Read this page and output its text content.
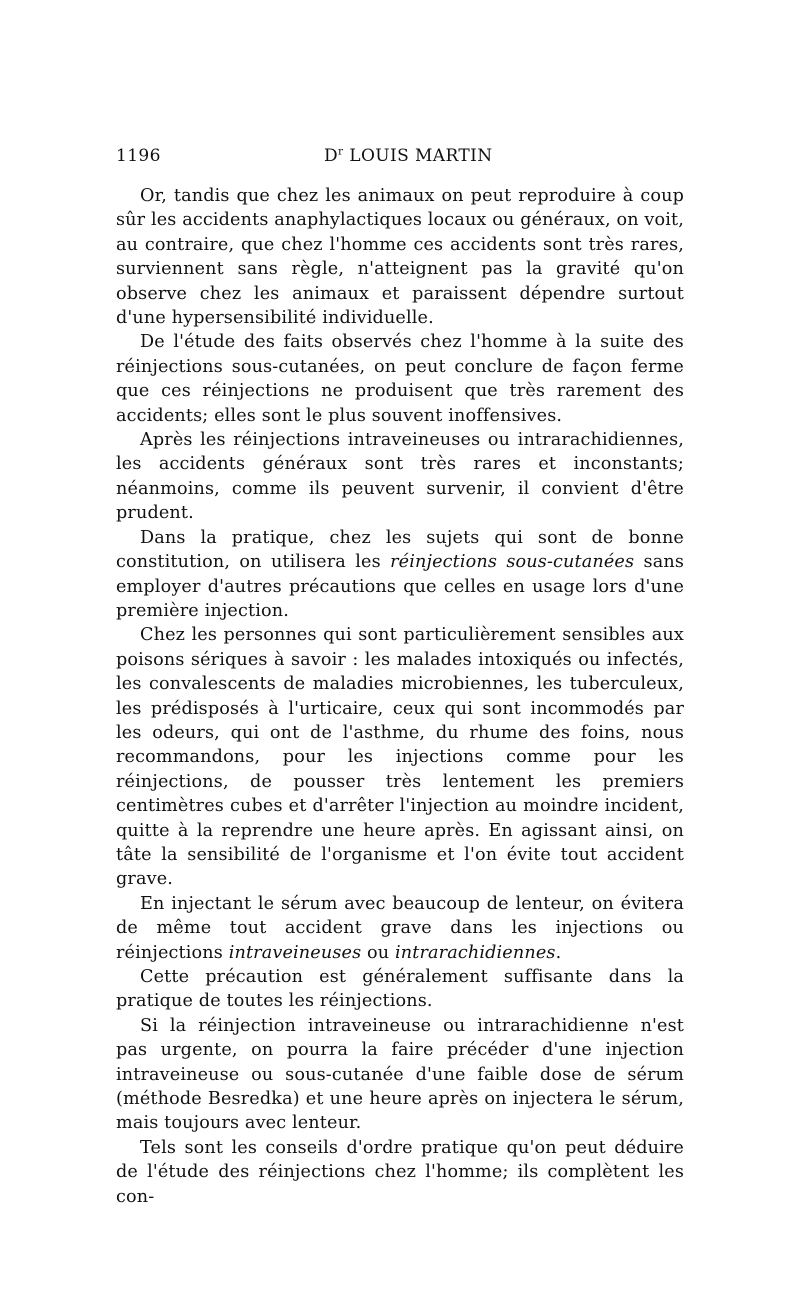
1196	$D^r$ LOUIS MARTIN

Or, tandis que chez les animaux on peut reproduire à coup sûr les accidents anaphylactiques locaux ou généraux, on voit, au contraire, que chez l'homme ces accidents sont très rares, surviennent sans règle, n'atteignent pas la gravité qu'on observe chez les animaux et paraissent dépendre surtout d'une hypersensibilité individuelle.

De l'étude des faits observés chez l'homme à la suite des réinjections sous-cutanées, on peut conclure de façon ferme que ces réinjections ne produisent que très rarement des accidents; elles sont le plus souvent inoffensives.

Après les réinjections intraveineuses ou intrarachidiennes, les accidents généraux sont très rares et inconstants; néanmoins, comme ils peuvent survenir, il convient d'être prudent.

Dans la pratique, chez les sujets qui sont de bonne constitution, on utilisera les réinjections sous-cutanées sans employer d'autres précautions que celles en usage lors d'une première injection.

Chez les personnes qui sont particulièrement sensibles aux poisons sériques à savoir : les malades intoxiqués ou infectés, les convalescents de maladies microbiennes, les tuberculeux, les prédisposés à l'urticaire, ceux qui sont incommodés par les odeurs, qui ont de l'asthme, du rhume des foins, nous recommandons, pour les injections comme pour les réinjections, de pousser très lentement les premiers centimètres cubes et d'arrêter l'injection au moindre incident, quitte à la reprendre une heure après. En agissant ainsi, on tâte la sensibilité de l'organisme et l'on évite tout accident grave.

En injectant le sérum avec beaucoup de lenteur, on évitera de même tout accident grave dans les injections ou réinjections intraveineuses ou intrarachidiennes.

Cette précaution est généralement suffisante dans la pratique de toutes les réinjections.

Si la réinjection intraveineuse ou intrarachidienne n'est pas urgente, on pourra la faire précéder d'une injection intraveineuse ou sous-cutanée d'une faible dose de sérum (méthode Besredka) et une heure après on injectera le sérum, mais toujours avec lenteur.

Tels sont les conseils d'ordre pratique qu'on peut déduire de l'étude des réinjections chez l'homme; ils complètent les con-
